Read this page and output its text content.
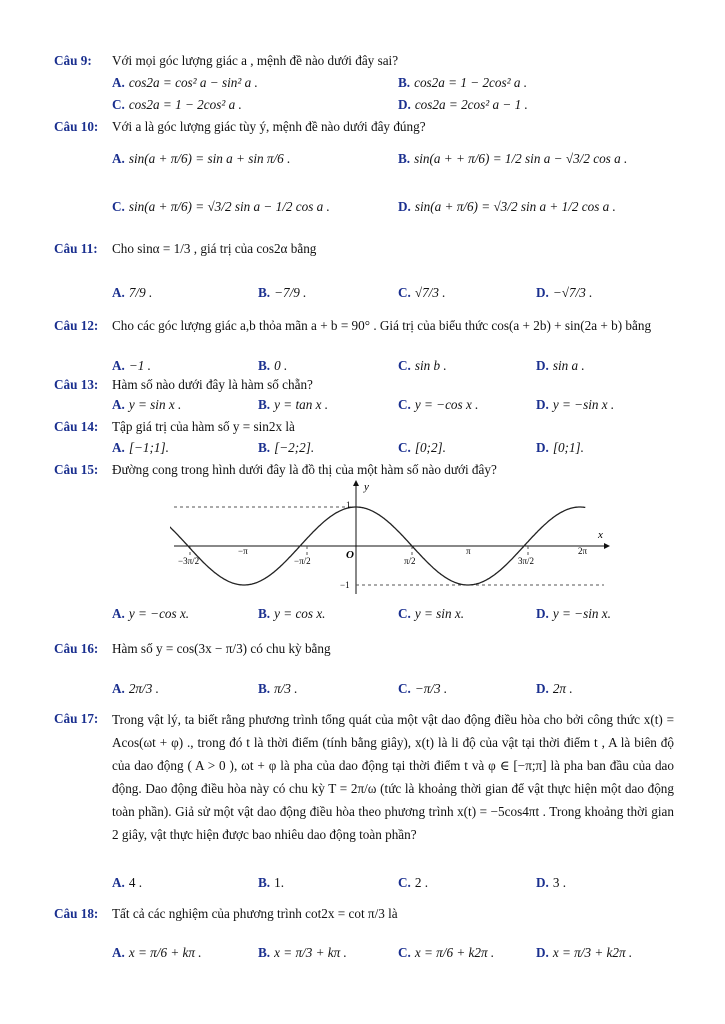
Câu 9: Với mọi góc lượng giác a , mệnh đề nào dưới đây sai?
A. cos2a = cos² a − sin² a .	B. cos2a = 1 − 2cos² a .
C. cos2a = 1 − 2cos² a .	D. cos2a = 2cos² a − 1 .
Câu 10: Với a là góc lượng giác tùy ý, mệnh đề nào dưới đây đúng?
A. sin(a + π/6) = sin a + sin π/6 .	B. sin(a + + π/6) = 1/2 sin a − √3/2 cos a .
C. sin(a + π/6) = √3/2 sin a − 1/2 cos a .	D. sin(a + π/6) = √3/2 sin a + 1/2 cos a .
Câu 11: Cho sinα = 1/3 , giá trị của cos2α bằng
A. 7/9 .	B. −7/9 .	C. √7/3 .	D. −√7/3 .
Câu 12: Cho các góc lượng giác a,b thỏa mãn a + b = 90° . Giá trị của biểu thức cos(a + 2b) + sin(2a + b) bằng
A. −1 .	B. 0 .	C. sin b .	D. sin a .
Câu 13: Hàm số nào dưới đây là hàm số chẵn?
A. y = sin x .	B. y = tan x .	C. y = −cos x .	D. y = −sin x .
Câu 14: Tập giá trị của hàm số y = sin2x là
A. [−1;1].	B. [−2;2].	C. [0;2].	D. [0;1].
Câu 15: Đường cong trong hình dưới đây là đồ thị của một hàm số nào dưới đây?
−3π/2
−π
−π/2	O	π/2
π
3π/2
2π
1
−1
x
y
A. y = −cos x.	B. y = cos x.	C. y = sin x.	D. y = −sin x.
Câu 16: Hàm số y = cos(3x − π/3) có chu kỳ bằng
A. 2π/3 .	B. π/3 .	C. −π/3 .	D. 2π .
Câu 17: Trong vật lý, ta biết rằng phương trình tổng quát của một vật dao động điều hòa cho bởi công thức x(t) = Acos(ωt + φ) ., trong đó t là thời điểm (tính bằng giây), x(t) là li độ của vật tại thời điểm t , A là biên độ của dao động ( A > 0 ), ωt + φ là pha của dao động tại thời điểm t và φ ∈ [−π;π] là pha ban đầu của dao động. Dao động điều hòa này có chu kỳ T = 2π/ω (tức là khoảng thời gian để vật thực hiện một dao động toàn phần). Giả sử một vật dao động điều hòa theo phương trình x(t) = −5cos4πt . Trong khoảng thời gian 2 giây, vật thực hiện được bao nhiêu dao động toàn phần?
A. 4 .	B. 1.	C. 2 .	D. 3 .
Câu 18: Tất cả các nghiệm của phương trình cot2x = cot π/3 là
A. x = π/6 + kπ .	B. x = π/3 + kπ .	C. x = π/6 + k2π .	D. x = π/3 + k2π .
